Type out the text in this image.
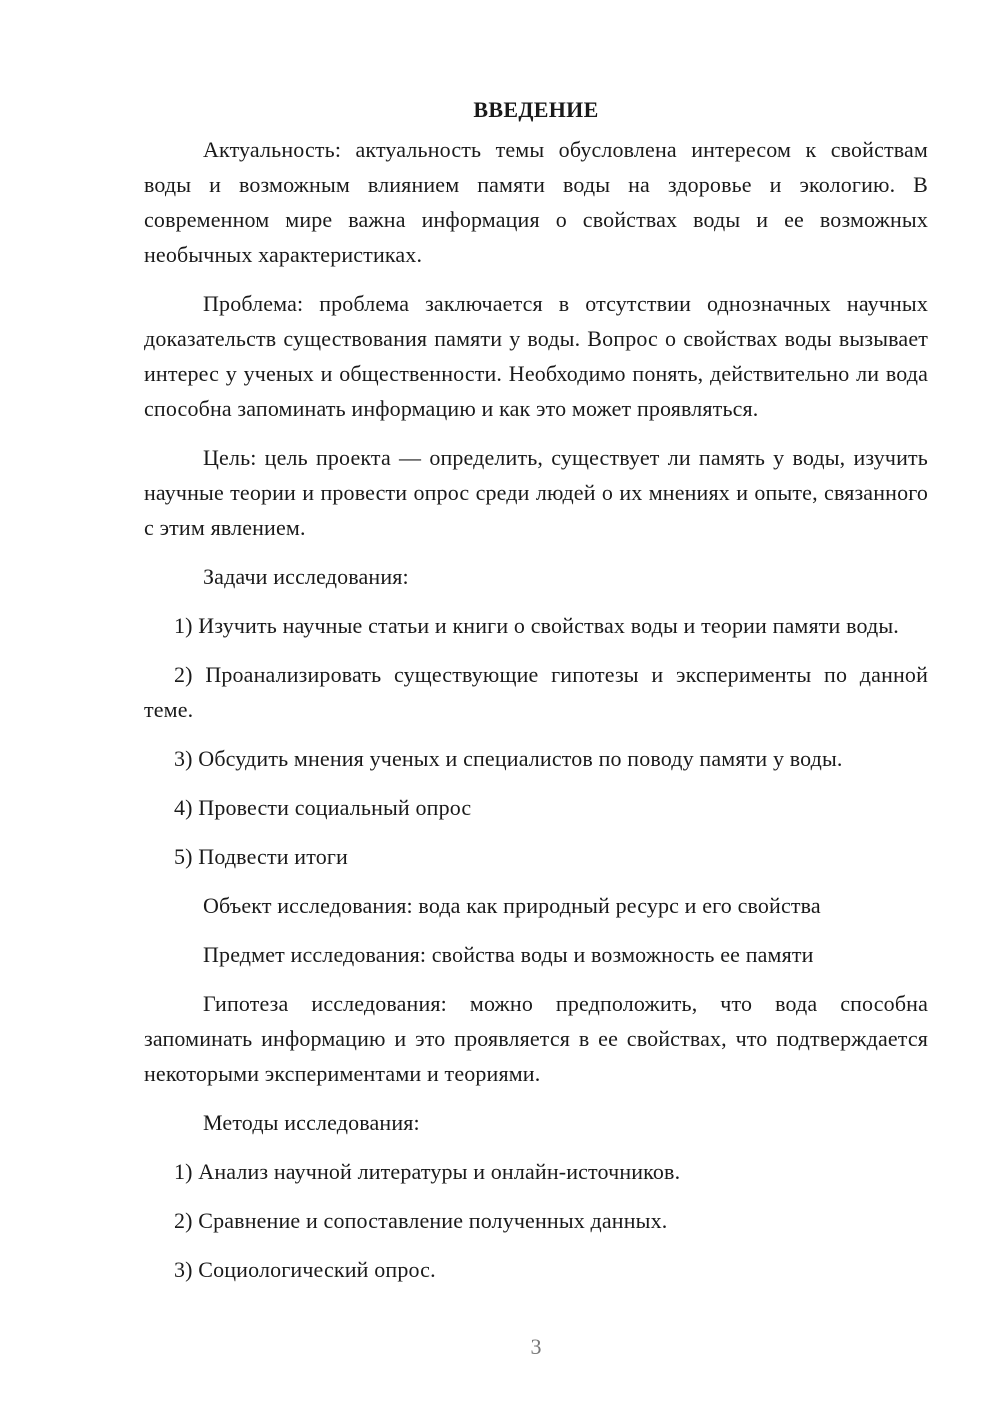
ВВЕДЕНИЕ

Актуальность: актуальность темы обусловлена интересом к свойствам воды и возможным влиянием памяти воды на здоровье и экологию. В современном мире важна информация о свойствах воды и ее возможных необычных характеристиках.

Проблема: проблема заключается в отсутствии однозначных научных доказательств существования памяти у воды. Вопрос о свойствах воды вызывает интерес у ученых и общественности. Необходимо понять, действительно ли вода способна запоминать информацию и как это может проявляться.

Цель: цель проекта — определить, существует ли память у воды, изучить научные теории и провести опрос среди людей о их мнениях и опыте, связанного с этим явлением.

Задачи исследования:

1) Изучить научные статьи и книги о свойствах воды и теории памяти воды.

2) Проанализировать существующие гипотезы и эксперименты по данной теме.

3) Обсудить мнения ученых и специалистов по поводу памяти у воды.

4) Провести социальный опрос

5) Подвести итоги

Объект исследования: вода как природный ресурс и его свойства

Предмет исследования: свойства воды и возможность ее памяти

Гипотеза исследования: можно предположить, что вода способна запоминать информацию и это проявляется в ее свойствах, что подтверждается некоторыми экспериментами и теориями.

Методы исследования:

1) Анализ научной литературы и онлайн-источников.

2) Сравнение и сопоставление полученных данных.

3) Социологический опрос.

3
